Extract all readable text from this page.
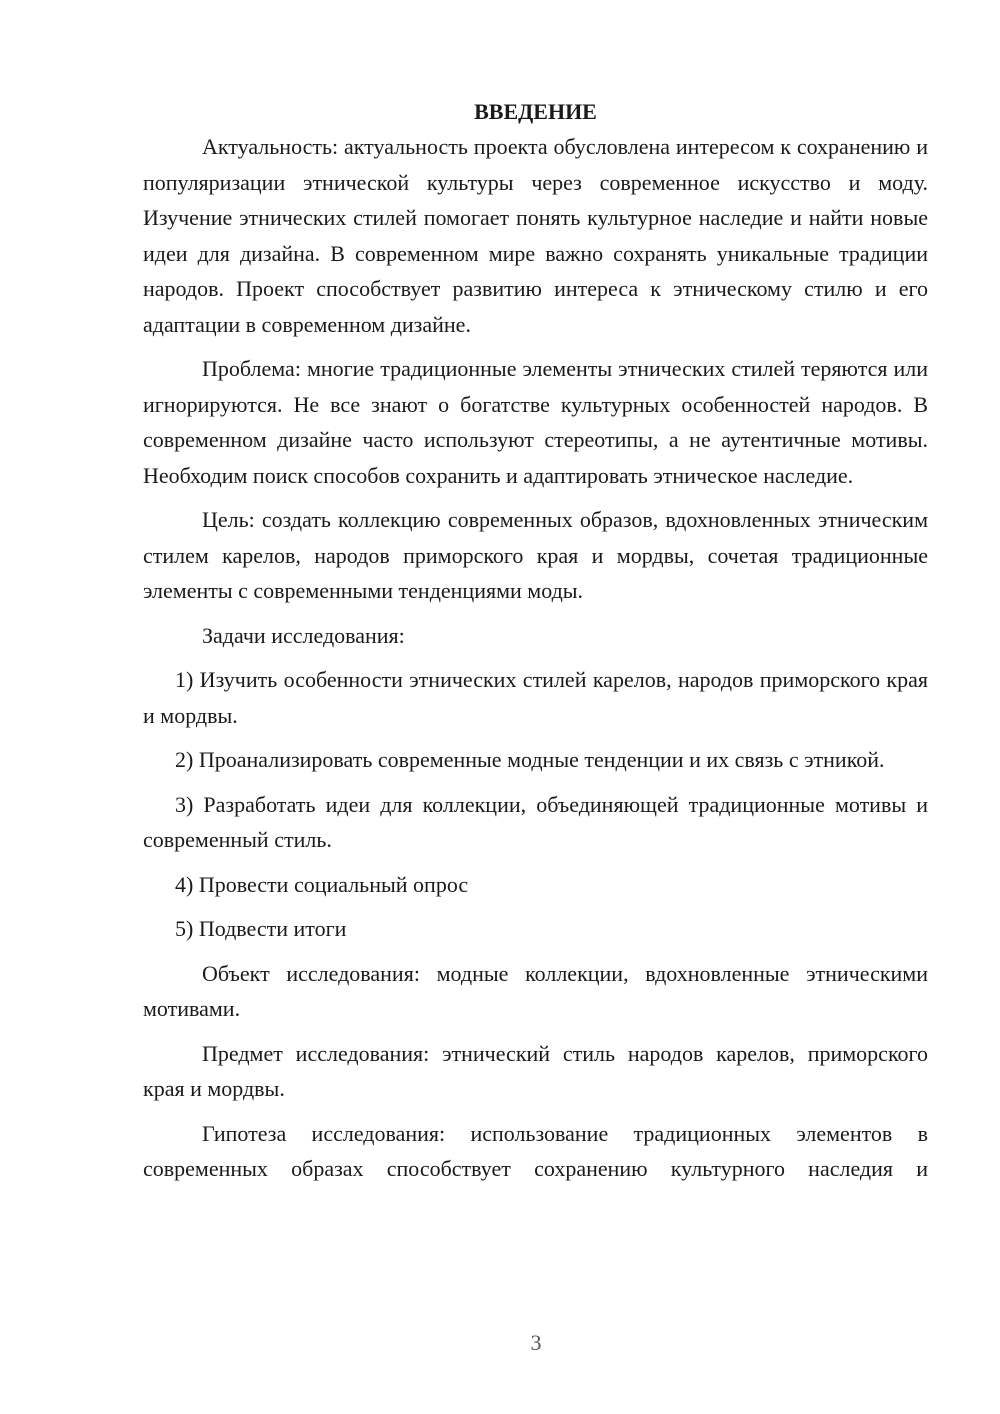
ВВЕДЕНИЕ

Актуальность: актуальность проекта обусловлена интересом к сохранению и популяризации этнической культуры через современное искусство и моду. Изучение этнических стилей помогает понять культурное наследие и найти новые идеи для дизайна. В современном мире важно сохранять уникальные традиции народов. Проект способствует развитию интереса к этническому стилю и его адаптации в современном дизайне.

Проблема: многие традиционные элементы этнических стилей теряются или игнорируются. Не все знают о богатстве культурных особенностей народов. В современном дизайне часто используют стереотипы, а не аутентичные мотивы. Необходим поиск способов сохранить и адаптировать этническое наследие.

Цель: создать коллекцию современных образов, вдохновленных этническим стилем карелов, народов приморского края и мордвы, сочетая традиционные элементы с современными тенденциями моды.

Задачи исследования:

1) Изучить особенности этнических стилей карелов, народов приморского края и мордвы.

2) Проанализировать современные модные тенденции и их связь с этникой.

3) Разработать идеи для коллекции, объединяющей традиционные мотивы и современный стиль.

4) Провести социальный опрос

5) Подвести итоги

Объект исследования: модные коллекции, вдохновленные этническими мотивами.

Предмет исследования: этнический стиль народов карелов, приморского края и мордвы.

Гипотеза исследования: использование традиционных элементов в современных образах способствует сохранению культурного наследия и

3
